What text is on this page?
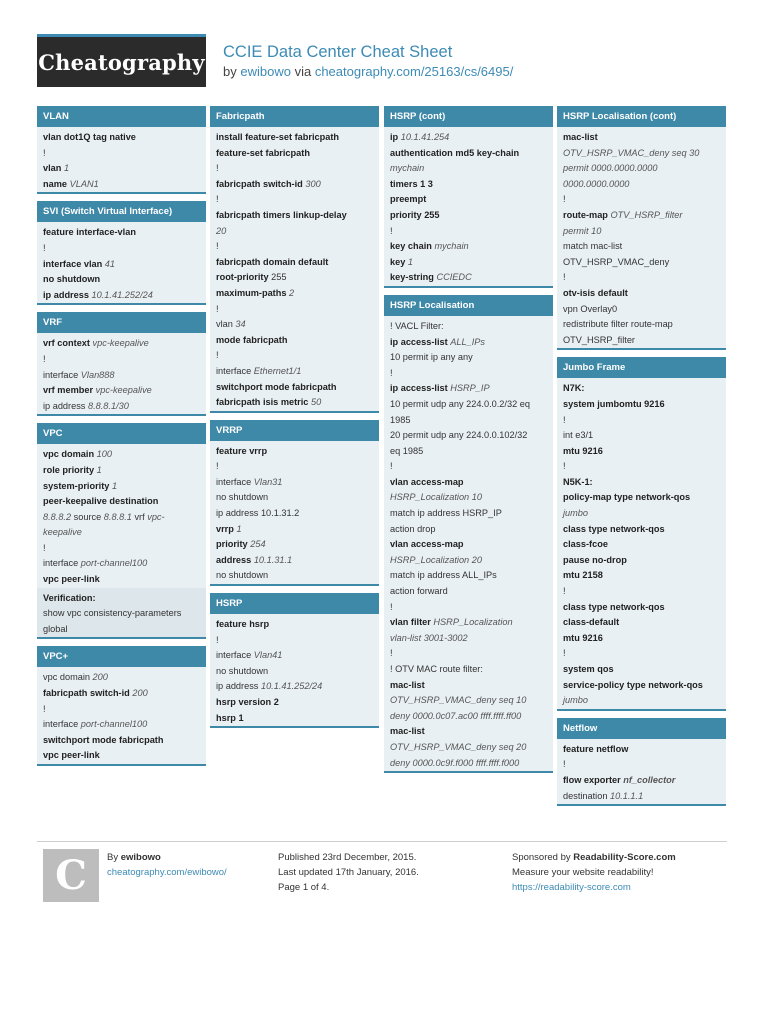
Cheatography CCIE Data Center Cheat Sheet
by ewibowo via cheatography.com/25163/cs/6495/
VLAN
vlan dot1Q tag native
!
vlan 1
name VLAN1
SVI (Switch Virtual Interface)
feature interface-vlan
!
interface vlan 41
no shutdown
ip address 10.1.41.252/24
VRF
vrf context vpc-keepalive
!
interface Vlan888
vrf member vpc-keepalive
ip address 8.8.8.1/30
VPC
vpc domain 100
role priority 1
system-priority 1
peer-keepalive destination
8.8.8.2 source 8.8.8.1 vrf vpc-
keepalive
!
interface port-channel100
vpc peer-link
Verification:
show vpc consistency-parameters
global
VPC+
vpc domain 200
fabricpath switch-id 200
!
interface port-channel100
switchport mode fabricpath
vpc peer-link
Fabricpath
install feature-set fabricpath
feature-set fabricpath
!
fabricpath switch-id 300
!
fabricpath timers linkup-delay
20
!
fabricpath domain default
root-priority 255
maximum-paths 2
!
vlan 34
mode fabricpath
!
interface Ethernet1/1
switchport mode fabricpath
fabricpath isis metric 50
VRRP
feature vrrp
!
interface Vlan31
no shutdown
ip address 10.1.31.2
vrrp 1
priority 254
address 10.1.31.1
no shutdown
HSRP
feature hsrp
!
interface Vlan41
no shutdown
ip address 10.1.41.252/24
hsrp version 2
hsrp 1
HSRP (cont)
ip 10.1.41.254
authentication md5 key-chain
mychain
timers 1 3
preempt
priority 255
!
key chain mychain
key 1
key-string CCIEDC
HSRP Localisation
! VACL Filter:
ip access-list ALL_IPs
10 permit ip any any
!
ip access-list HSRP_IP
10 permit udp any 224.0.0.2/32 eq
1985
20 permit udp any 224.0.0.102/32
eq 1985
!
vlan access-map
HSRP_Localization 10
match ip address HSRP_IP
action drop
vlan access-map
HSRP_Localization 20
match ip address ALL_IPs
action forward
!
vlan filter HSRP_Localization
vlan-list 3001-3002
!
! OTV MAC route filter:
mac-list
OTV_HSRP_VMAC_deny seq 10
deny 0000.0c07.ac00 ffff.ffff.ff00
mac-list
OTV_HSRP_VMAC_deny seq 20
deny 0000.0c9f.f000 ffff.ffff.f000
HSRP Localisation (cont)
mac-list
OTV_HSRP_VMAC_deny seq 30
permit 0000.0000.0000
0000.0000.0000
!
route-map OTV_HSRP_filter
permit 10
match mac-list
OTV_HSRP_VMAC_deny
!
otv-isis default
vpn Overlay0
redistribute filter route-map
OTV_HSRP_filter
Jumbo Frame
N7K:
system jumbomtu 9216
!
int e3/1
mtu 9216
!
N5K-1:
policy-map type network-qos
jumbo
class type network-qos
class-fcoe
pause no-drop
mtu 2158
!
class type network-qos
class-default
mtu 9216
!
system qos
service-policy type network-qos
jumbo
Netflow
feature netflow
!
flow exporter nf_collector
destination 10.1.1.1
C	By ewibowo
cheatography.com/ewibowo/
Published 23rd December, 2015.
Last updated 17th January, 2016.
Page 1 of 4.
Sponsored by Readability-Score.com
Measure your website readability!
https://readability-score.com
